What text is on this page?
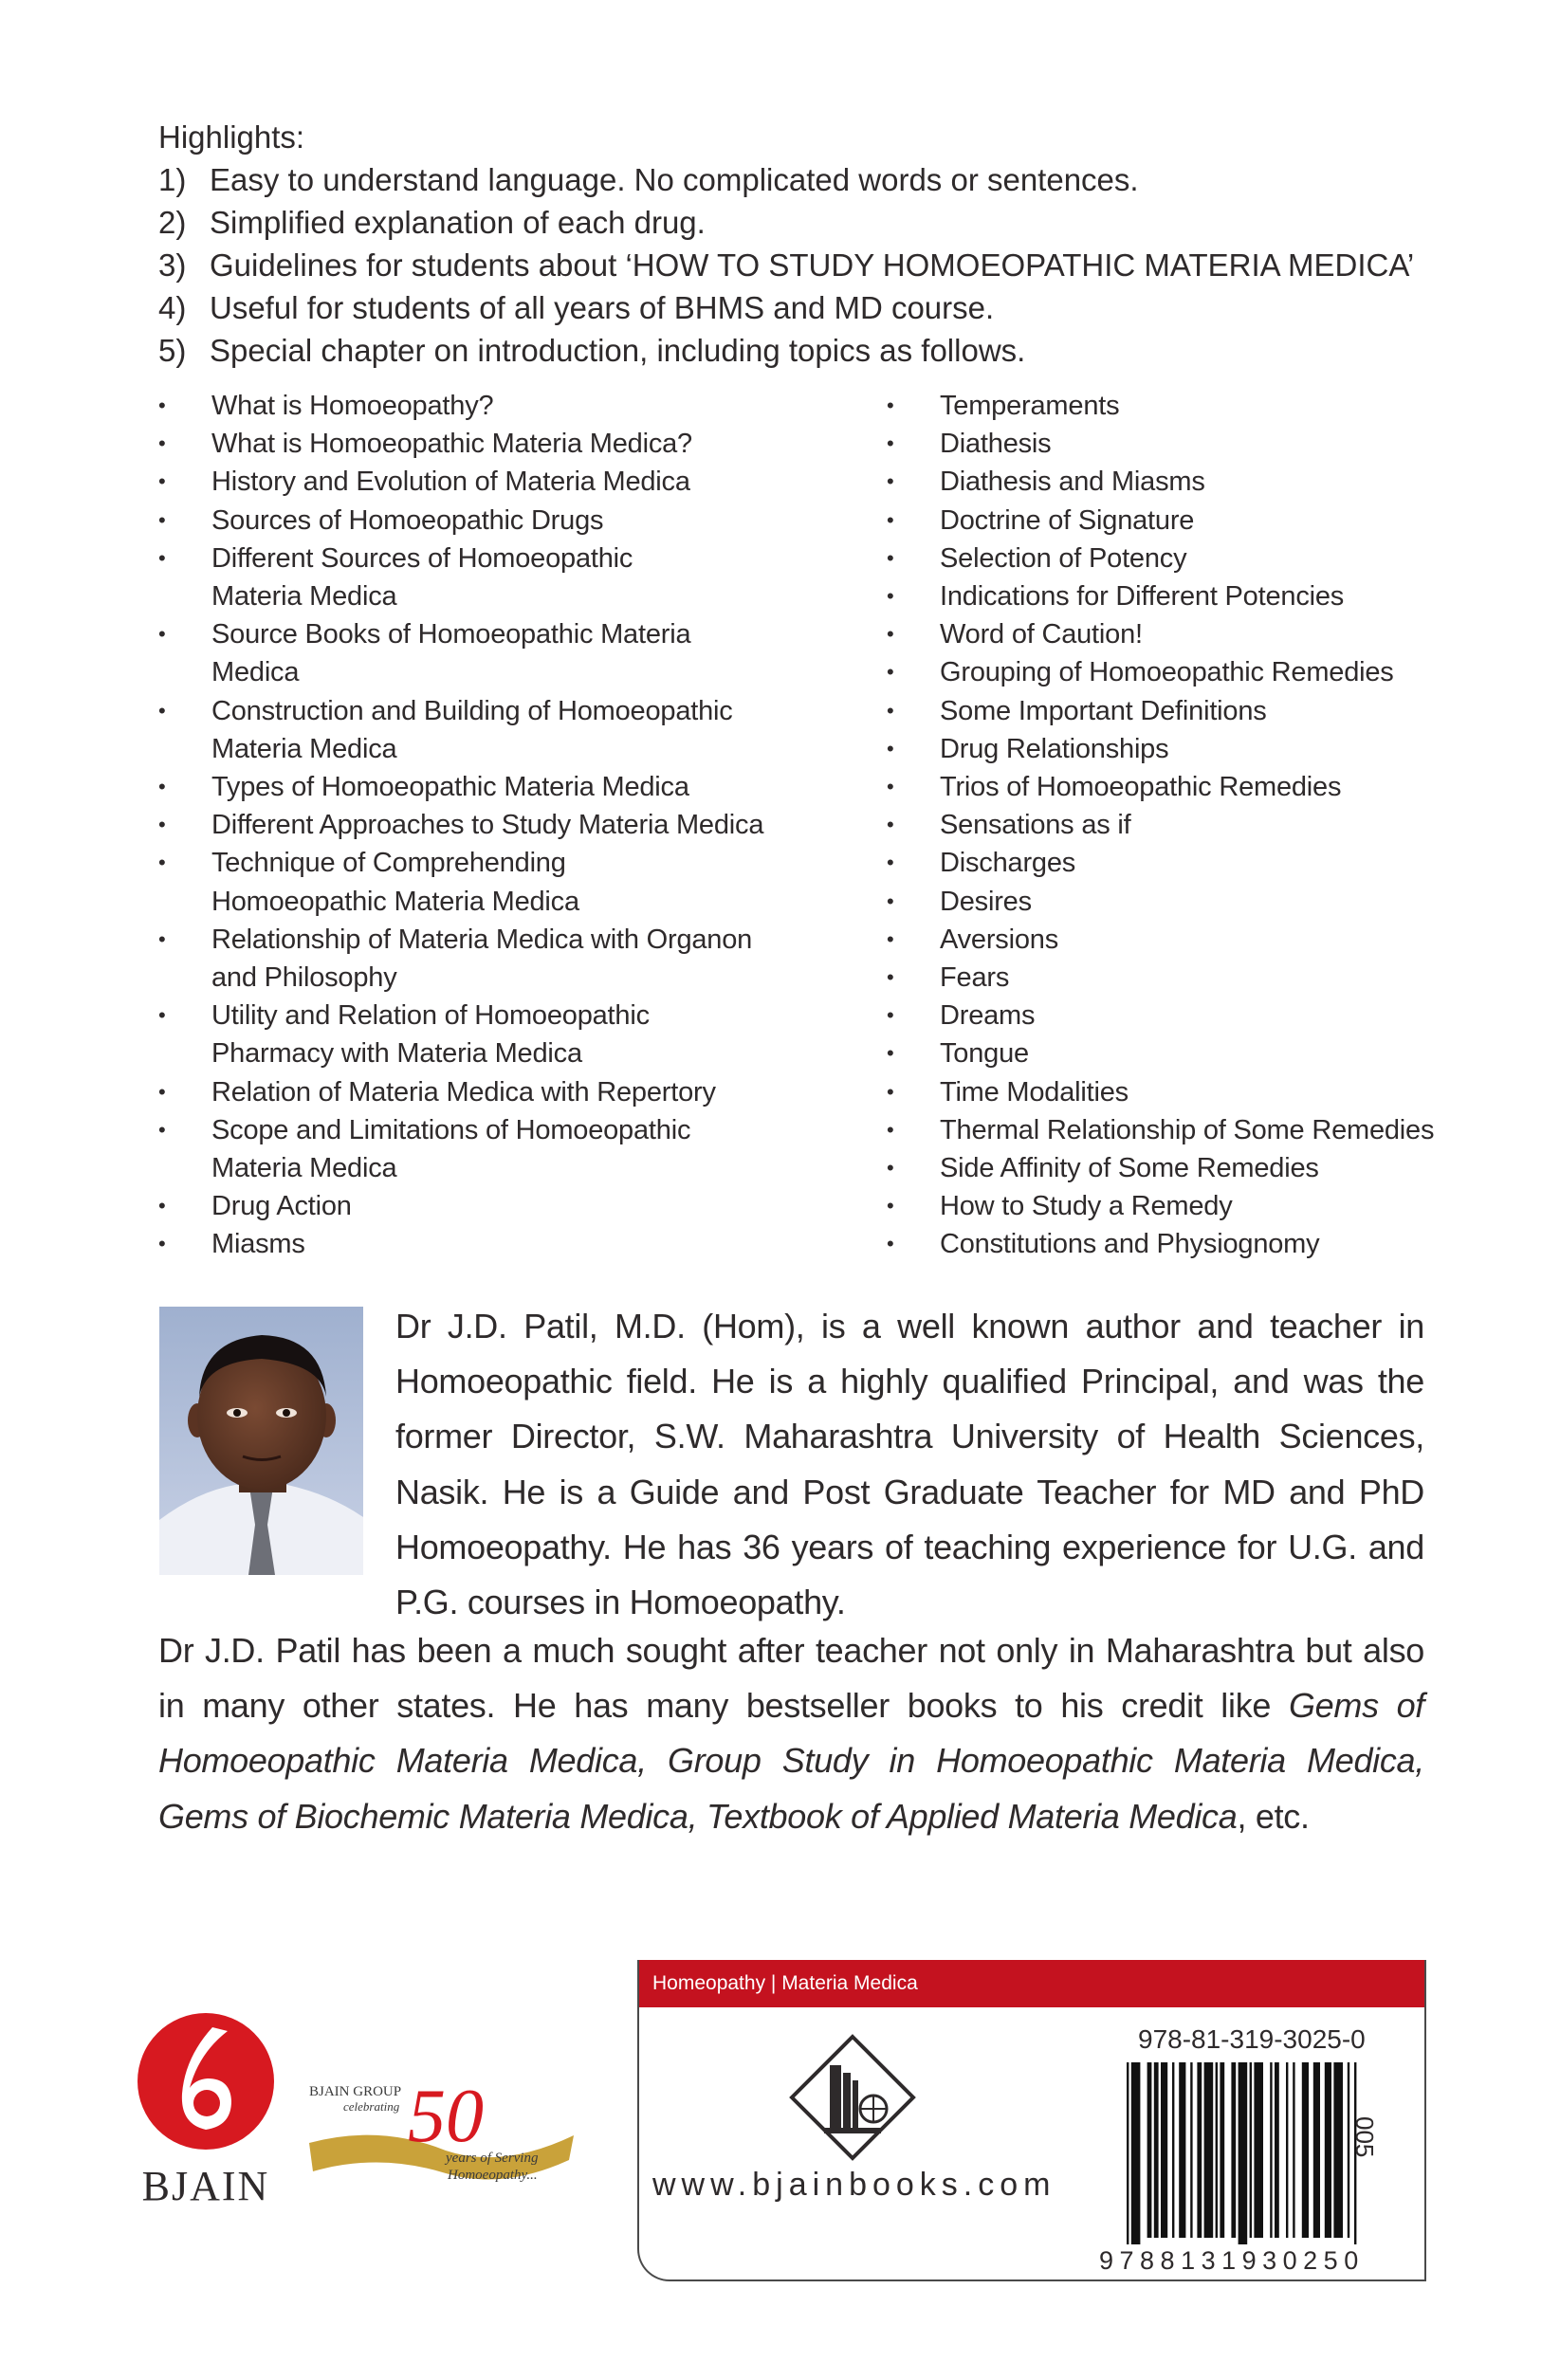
Highlights:
1) Easy to understand language. No complicated words or sentences.
2) Simplified explanation of each drug.
3) Guidelines for students about ‘HOW TO STUDY HOMOEOPATHIC MATERIA MEDICA’
4) Useful for students of all years of BHMS and MD course.
5) Special chapter on introduction, including topics as follows.
• What is Homoeopathy?
• What is Homoeopathic Materia Medica?
• History and Evolution of Materia Medica
• Sources of Homoeopathic Drugs
• Different Sources of Homoeopathic Materia Medica
• Source Books of Homoeopathic Materia Medica
• Construction and Building of Homoeopathic Materia Medica
• Types of Homoeopathic Materia Medica
• Different Approaches to Study Materia Medica
• Technique of Comprehending Homoeopathic Materia Medica
• Relationship of Materia Medica with Organon and Philosophy
• Utility and Relation of Homoeopathic Pharmacy with Materia Medica
• Relation of Materia Medica with Repertory
• Scope and Limitations of Homoeopathic Materia Medica
• Drug Action
• Miasms
• Temperaments
• Diathesis
• Diathesis and Miasms
• Doctrine of Signature
• Selection of Potency
• Indications for Different Potencies
• Word of Caution!
• Grouping of Homoeopathic Remedies
• Some Important Definitions
• Drug Relationships
• Trios of Homoeopathic Remedies
• Sensations as if
• Discharges
• Desires
• Aversions
• Fears
• Dreams
• Tongue
• Time Modalities
• Thermal Relationship of Some Remedies
• Side Affinity of Some Remedies
• How to Study a Remedy
• Constitutions and Physiognomy

Dr J.D. Patil, M.D. (Hom), is a well known author and teacher in Homoeopathic field. He is a highly qualified Principal, and was the former Director, S.W. Maharashtra University of Health Sciences, Nasik. He is a Guide and Post Graduate Teacher for MD and PhD Homoeopathy. He has 36 years of teaching experience for U.G. and P.G. courses in Homoeopathy.

Dr J.D. Patil has been a much sought after teacher not only in Maharashtra but also in many other states. He has many bestseller books to his credit like Gems of Homoeopathic Materia Medica, Group Study in Homoeopathic Materia Medica, Gems of Biochemic Materia Medica, Textbook of Applied Materia Medica, etc.

BJAIN
BJAIN GROUP
celebrating 50
years of Serving
Homoeopathy...
Homeopathy | Materia Medica
www.bjainbooks.com
978-81-319-3025-0
005
9788131930250
